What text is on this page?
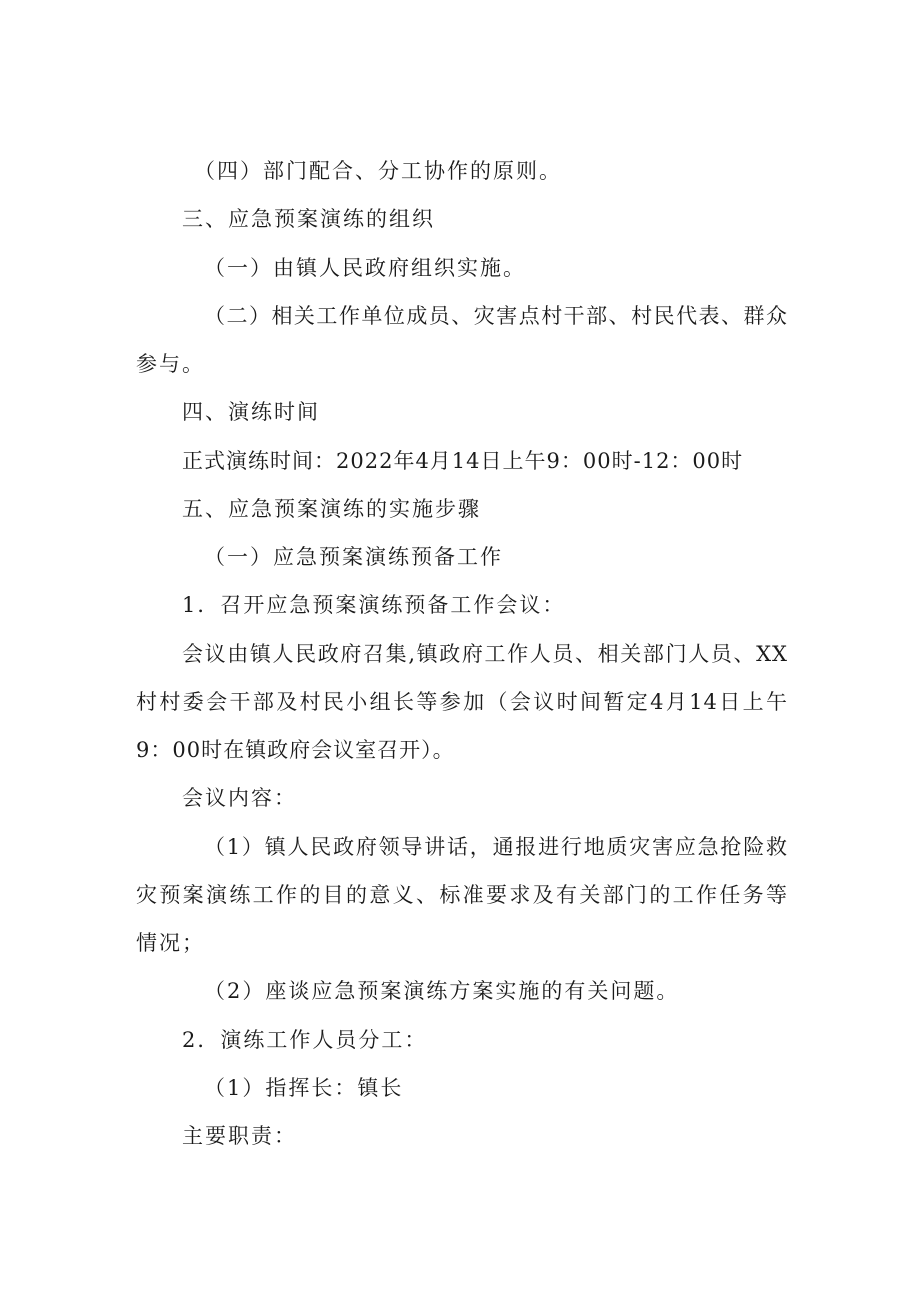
（四）部门配合、分工协作的原则。
三、应急预案演练的组织
（一）由镇人民政府组织实施。
（二）相关工作单位成员、灾害点村干部、村民代表、群众
参与。
四、演练时间
正式演练时间：2022年4月14日上午9：00时-12：00时
五、应急预案演练的实施步骤
（一）应急预案演练预备工作
1．召开应急预案演练预备工作会议：
会议由镇人民政府召集,镇政府工作人员、相关部门人员、XX
村村委会干部及村民小组长等参加（会议时间暂定4月14日上午
9：00时在镇政府会议室召开）。
会议内容：
（1）镇人民政府领导讲话，通报进行地质灾害应急抢险救
灾预案演练工作的目的意义、标准要求及有关部门的工作任务等
情况；
（2）座谈应急预案演练方案实施的有关问题。
2．演练工作人员分工：
（1）指挥长：镇长
主要职责：
